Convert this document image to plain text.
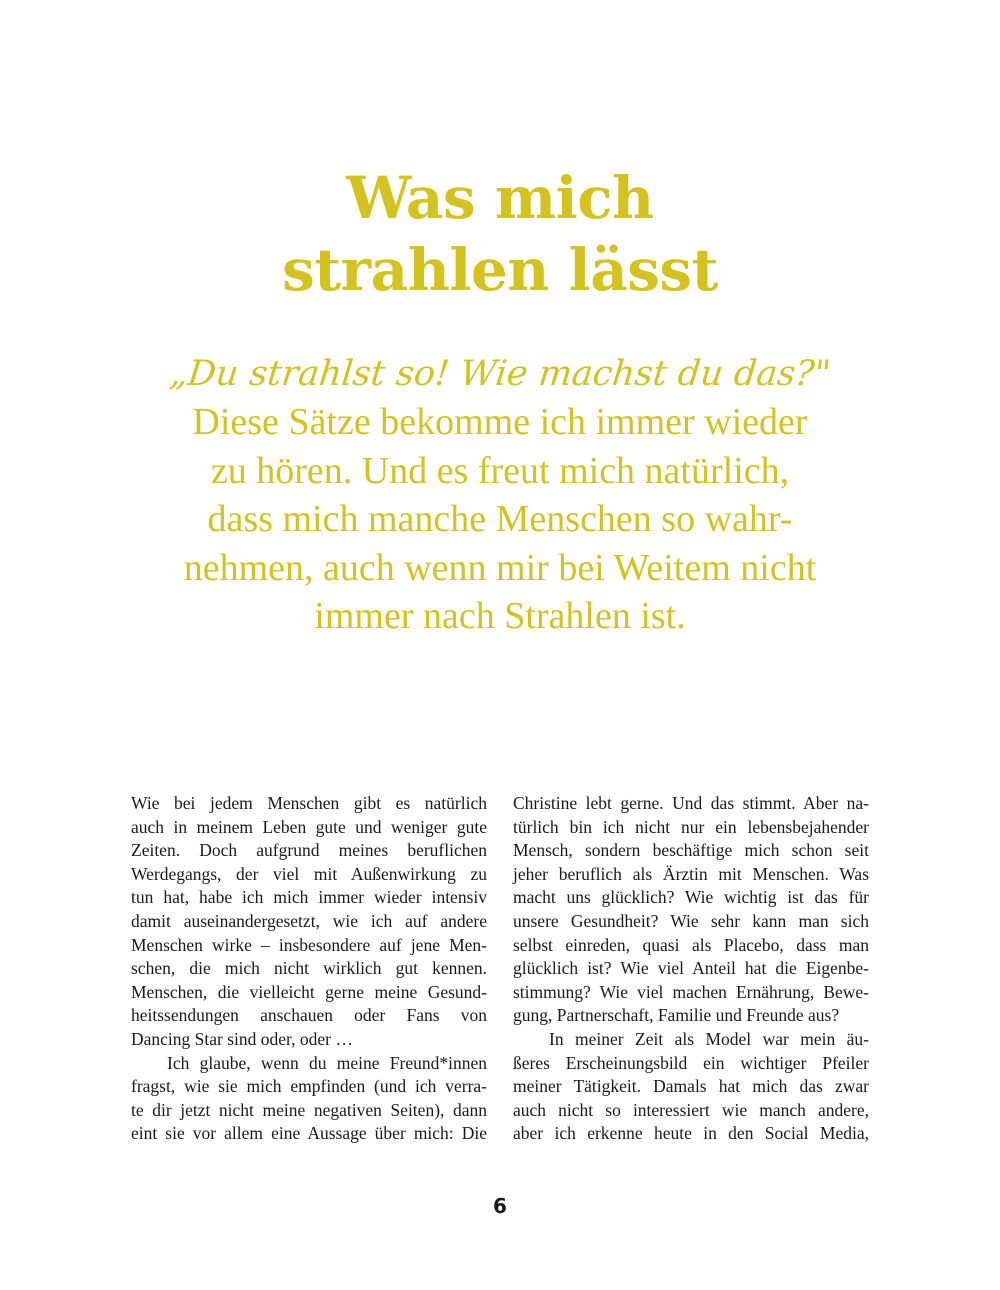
Was mich
strahlen lässt

„Du strahlst so! Wie machst du das?"

Diese Sätze bekomme ich immer wieder
zu hören. Und es freut mich natürlich,
dass mich manche Menschen so wahr-
nehmen, auch wenn mir bei Weitem nicht
immer nach Strahlen ist.

Wie bei jedem Menschen gibt es natürlich
auch in meinem Leben gute und weniger gute
Zeiten. Doch aufgrund meines beruflichen
Werdegangs, der viel mit Außenwirkung zu
tun hat, habe ich mich immer wieder intensiv
damit auseinandergesetzt, wie ich auf andere
Menschen wirke – insbesondere auf jene Men-
schen, die mich nicht wirklich gut kennen.
Menschen, die vielleicht gerne meine Gesund-
heitssendungen anschauen oder Fans von
Dancing Star sind oder, oder …
Ich glaube, wenn du meine Freund*innen
fragst, wie sie mich empfinden (und ich verra-
te dir jetzt nicht meine negativen Seiten), dann
eint sie vor allem eine Aussage über mich: Die
Christine lebt gerne. Und das stimmt. Aber na-
türlich bin ich nicht nur ein lebensbejahender
Mensch, sondern beschäftige mich schon seit
jeher beruflich als Ärztin mit Menschen. Was
macht uns glücklich? Wie wichtig ist das für
unsere Gesundheit? Wie sehr kann man sich
selbst einreden, quasi als Placebo, dass man
glücklich ist? Wie viel Anteil hat die Eigenbe-
stimmung? Wie viel machen Ernährung, Bewe-
gung, Partnerschaft, Familie und Freunde aus?
In meiner Zeit als Model war mein äu-
ßeres Erscheinungsbild ein wichtiger Pfeiler
meiner Tätigkeit. Damals hat mich das zwar
auch nicht so interessiert wie manch andere,
aber ich erkenne heute in den Social Media,
6
